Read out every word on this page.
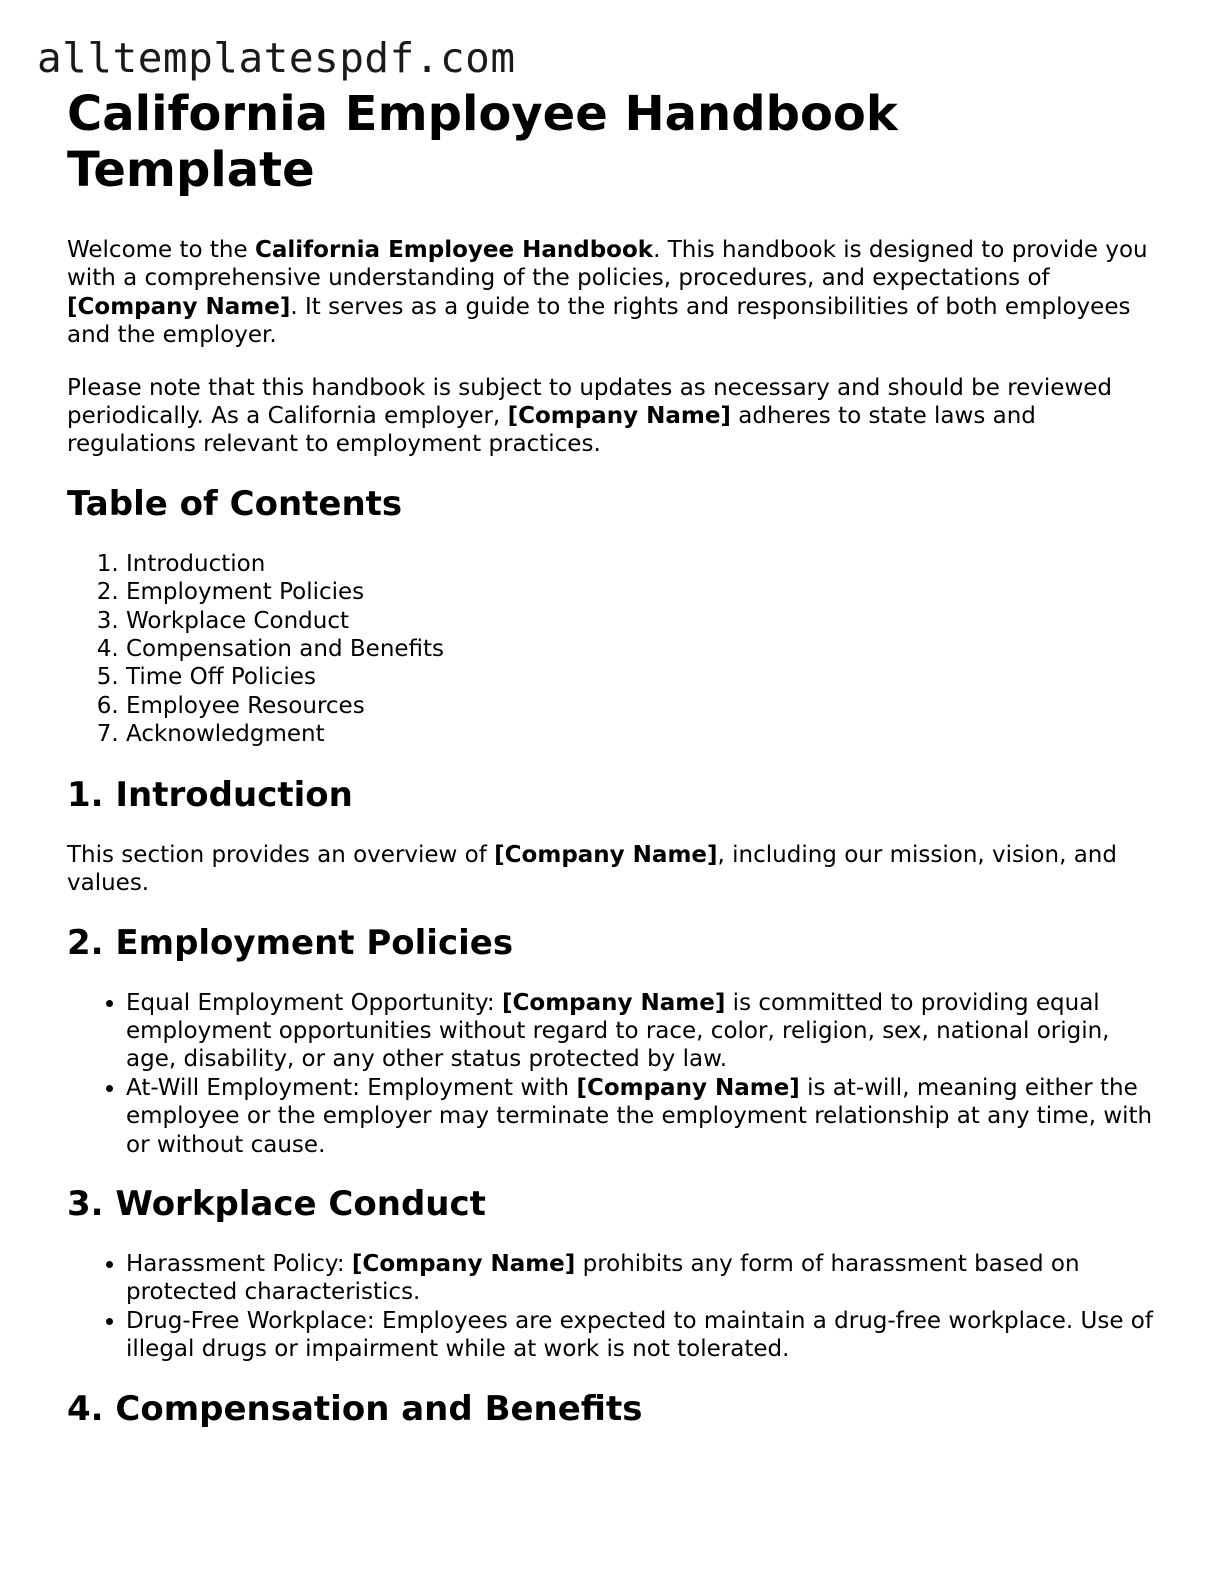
alltemplatespdf.com
California Employee Handbook Template

Welcome to the California Employee Handbook. This handbook is designed to provide you with a comprehensive understanding of the policies, procedures, and expectations of [Company Name]. It serves as a guide to the rights and responsibilities of both employees and the employer.

Please note that this handbook is subject to updates as necessary and should be reviewed periodically. As a California employer, [Company Name] adheres to state laws and regulations relevant to employment practices.

Table of Contents
1. Introduction
2. Employment Policies
3. Workplace Conduct
4. Compensation and Benefits
5. Time Off Policies
6. Employee Resources
7. Acknowledgment
1. Introduction

This section provides an overview of [Company Name], including our mission, vision, and values.

2. Employment Policies
• Equal Employment Opportunity: [Company Name] is committed to providing equal employment opportunities without regard to race, color, religion, sex, national origin, age, disability, or any other status protected by law.
• At-Will Employment: Employment with [Company Name] is at-will, meaning either the employee or the employer may terminate the employment relationship at any time, with or without cause.
3. Workplace Conduct
• Harassment Policy: [Company Name] prohibits any form of harassment based on protected characteristics.
• Drug-Free Workplace: Employees are expected to maintain a drug-free workplace. Use of illegal drugs or impairment while at work is not tolerated.
4. Compensation and Benefits
